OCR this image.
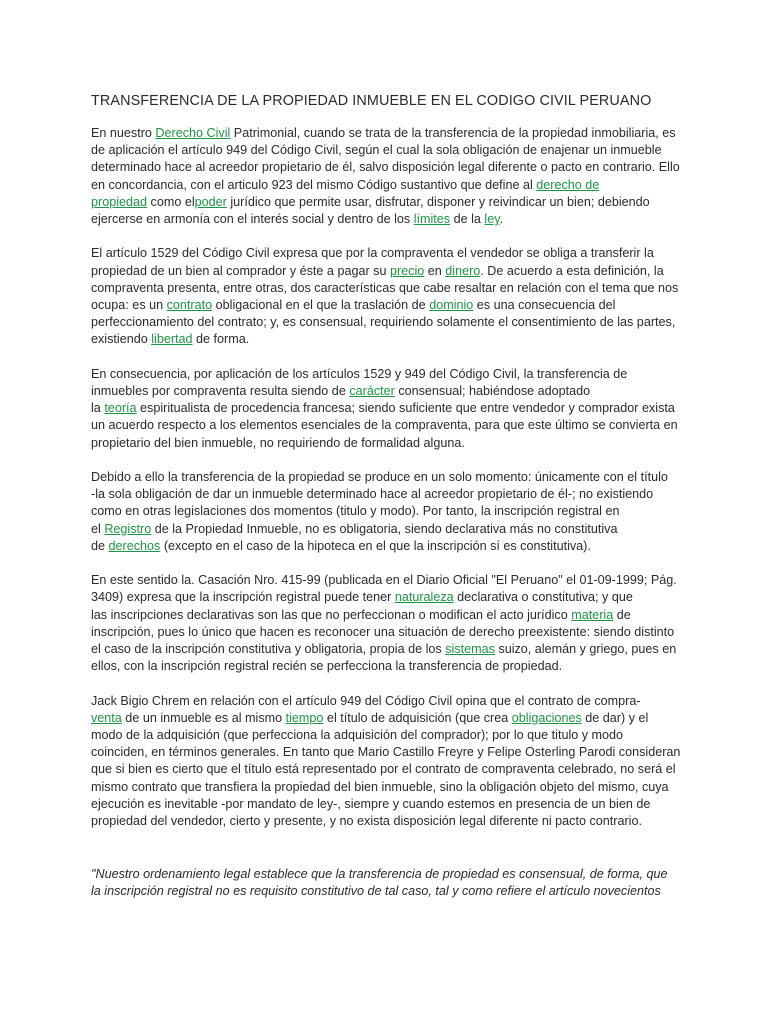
TRANSFERENCIA DE LA PROPIEDAD INMUEBLE EN EL CODIGO CIVIL PERUANO

En nuestro Derecho Civil Patrimonial, cuando se trata de la transferencia de la propiedad inmobiliaria, es
de aplicación el artículo 949 del Código Civil, según el cual la sola obligación de enajenar un inmueble
determinado hace al acreedor propietario de él, salvo disposición legal diferente o pacto en contrario. Ello
en concordancia, con el articulo 923 del mismo Código sustantivo que define al derecho de
propiedad como elpoder jurídico que permite usar, disfrutar, disponer y reivindicar un bien; debiendo
ejercerse en armonía con el interés social y dentro de los límites de la ley.

El artículo 1529 del Código Civil expresa que por la compraventa el vendedor se obliga a transferir la
propiedad de un bien al comprador y éste a pagar su precio en dinero. De acuerdo a esta definición, la
compraventa presenta, entre otras, dos características que cabe resaltar en relación con el tema que nos
ocupa: es un contrato obligacional en el que la traslación de dominio es una consecuencia del
perfeccionamiento del contrato; y, es consensual, requiriendo solamente el consentimiento de las partes,
existiendo libertad de forma.

En consecuencia, por aplicación de los artículos 1529 y 949 del Código Civil, la transferencia de
inmuebles por compraventa resulta siendo de carácter consensual; habiéndose adoptado
la teoría espiritualista de procedencia francesa; siendo suficiente que entre vendedor y comprador exista
un acuerdo respecto a los elementos esenciales de la compraventa, para que este último se convierta en
propietario del bien inmueble, no requiriendo de formalidad alguna.

Debido a ello la transferencia de la propiedad se produce en un solo momento: únicamente con el título
-la sola obligación de dar un inmueble determinado hace al acreedor propietario de él-; no existiendo
como en otras legislaciones dos momentos (titulo y modo). Por tanto, la inscripción registral en
el Registro de la Propiedad Inmueble, no es obligatoria, siendo declarativa más no constitutiva
de derechos (excepto en el caso de la hipoteca en el que la inscripción sí es constitutiva).

En este sentido la. Casación Nro. 415-99 (publicada en el Diario Oficial "El Peruano" el 01-09-1999; Pág.
3409) expresa que la inscripción registral puede tener naturaleza declarativa o constitutiva; y que
las inscripciones declarativas son las que no perfeccionan o modifican el acto jurídico materia de
inscripción, pues lo único que hacen es reconocer una situación de derecho preexistente: siendo distinto
el caso de la inscripción constitutiva y obligatoria, propia de los sistemas suizo, alemán y griego, pues en
ellos, con la inscripción registral recién se perfecciona la transferencia de propiedad.

Jack Bigio Chrem en relación con el artículo 949 del Código Civil opina que el contrato de compra-
venta de un inmueble es al mismo tiempo el título de adquisición (que crea obligaciones de dar) y el
modo de la adquisición (que perfecciona la adquisición del comprador); por lo que titulo y modo
coinciden, en términos generales. En tanto que Mario Castillo Freyre y Felipe Osterling Parodi consideran
que si bien es cierto que el título está representado por el contrato de compraventa celebrado, no será el
mismo contrato que transfiera la propiedad del bien inmueble, sino la obligación objeto del mismo, cuya
ejecución es inevitable -por mandato de ley-, siempre y cuando estemos en presencia de un bien de
propiedad del vendedor, cierto y presente, y no exista disposición legal diferente ni pacto contrario.

"Nuestro ordenamiento legal establece que la transferencia de propiedad es consensual, de forma, que
la inscripción registral no es requisito constitutivo de tal caso, tal y como refiere el artículo novecientos
